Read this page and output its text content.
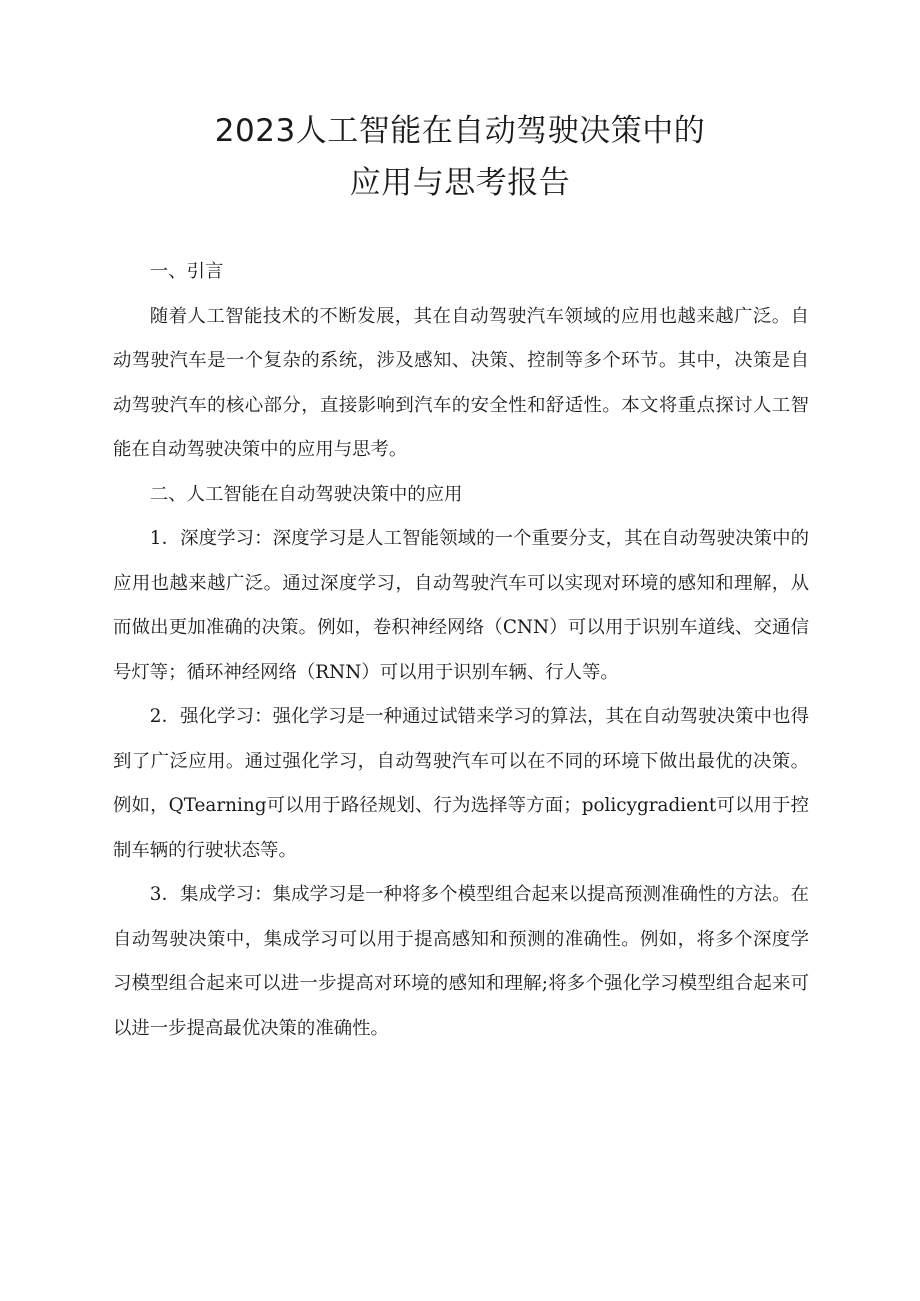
2023人工智能在自动驾驶决策中的
应用与思考报告

一、引言

随着人工智能技术的不断发展，其在自动驾驶汽车领域的应用也越来越广泛。自动驾驶汽车是一个复杂的系统，涉及感知、决策、控制等多个环节。其中，决策是自动驾驶汽车的核心部分，直接影响到汽车的安全性和舒适性。本文将重点探讨人工智能在自动驾驶决策中的应用与思考。

二、人工智能在自动驾驶决策中的应用

1．深度学习：深度学习是人工智能领域的一个重要分支，其在自动驾驶决策中的应用也越来越广泛。通过深度学习，自动驾驶汽车可以实现对环境的感知和理解，从而做出更加准确的决策。例如，卷积神经网络（CNN）可以用于识别车道线、交通信号灯等；循环神经网络（RNN）可以用于识别车辆、行人等。

2．强化学习：强化学习是一种通过试错来学习的算法，其在自动驾驶决策中也得到了广泛应用。通过强化学习，自动驾驶汽车可以在不同的环境下做出最优的决策。例如，QTearning可以用于路径规划、行为选择等方面；policygradient可以用于控制车辆的行驶状态等。

3．集成学习：集成学习是一种将多个模型组合起来以提高预测准确性的方法。在自动驾驶决策中，集成学习可以用于提高感知和预测的准确性。例如，将多个深度学习模型组合起来可以进一步提高对环境的感知和理解;将多个强化学习模型组合起来可以进一步提高最优决策的准确性。
